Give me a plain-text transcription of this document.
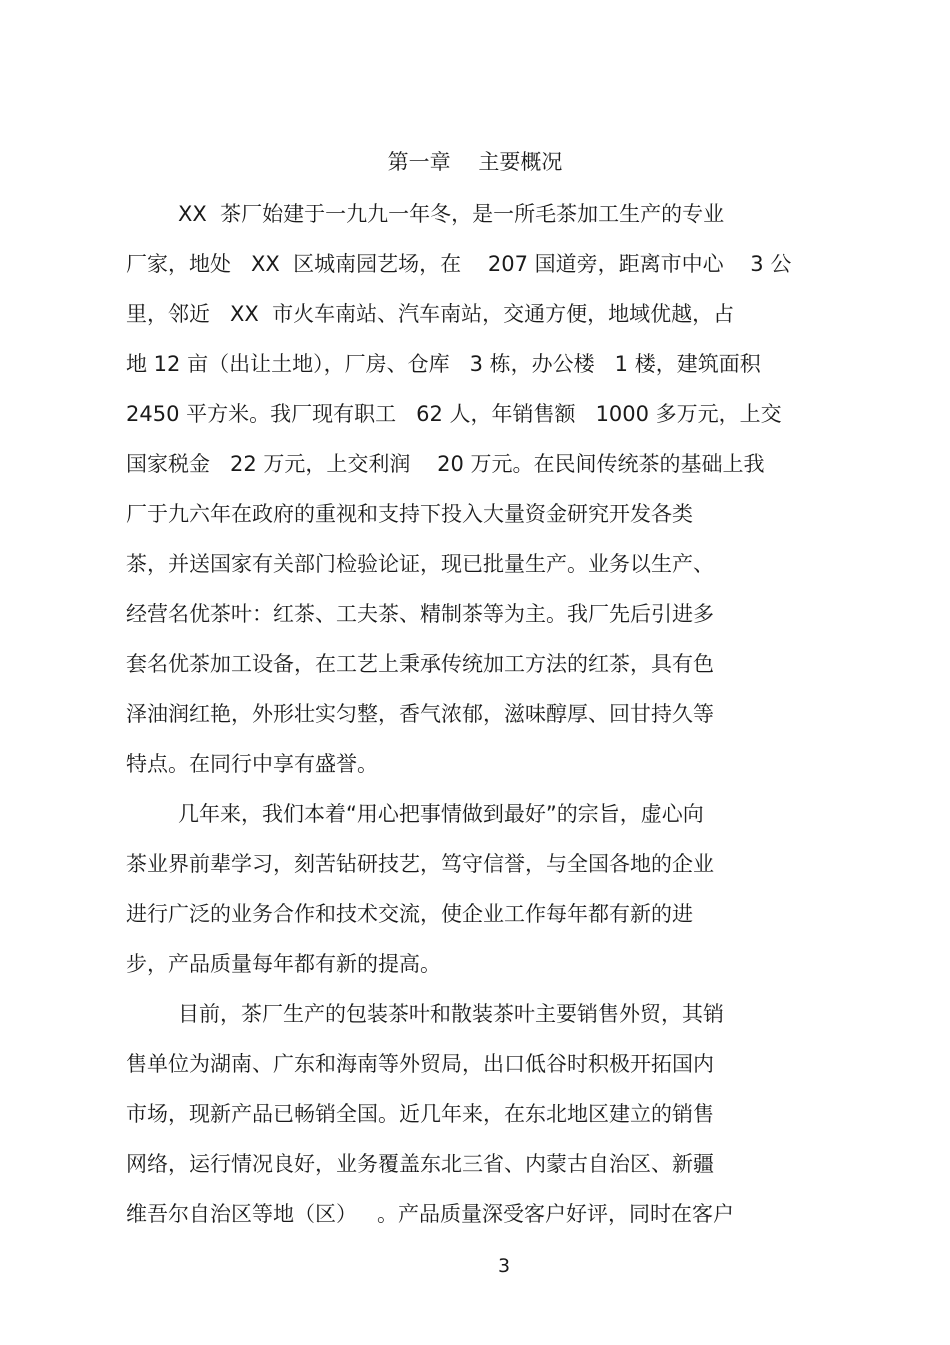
第一章　 主要概况

XX  茶厂始建于一九九一年冬，是一所毛茶加工生产的专业

厂家，地处   XX  区城南园艺场，在    207 国道旁，距离市中心    3 公

里，邻近   XX  市火车南站、汽车南站，交通方便，地域优越，占

地 12 亩（出让土地），厂房、仓库   3 栋，办公楼   1 楼，建筑面积

2450 平方米。我厂现有职工   62 人，年销售额   1000 多万元，上交

国家税金   22 万元，上交利润    20 万元。在民间传统茶的基础上我

厂于九六年在政府的重视和支持下投入大量资金研究开发各类

茶，并送国家有关部门检验论证，现已批量生产。业务以生产、

经营名优茶叶：红茶、工夫茶、精制茶等为主。我厂先后引进多

套名优茶加工设备，在工艺上秉承传统加工方法的红茶，具有色

泽油润红艳，外形壮实匀整，香气浓郁，滋味醇厚、回甘持久等

特点。在同行中享有盛誉。

几年来，我们本着“用心把事情做到最好”的宗旨，虚心向

茶业界前辈学习，刻苦钻研技艺，笃守信誉，与全国各地的企业

进行广泛的业务合作和技术交流，使企业工作每年都有新的进

步，产品质量每年都有新的提高。

目前，茶厂生产的包装茶叶和散装茶叶主要销售外贸，其销

售单位为湖南、广东和海南等外贸局，出口低谷时积极开拓国内

市场，现新产品已畅销全国。近几年来，在东北地区建立的销售

网络，运行情况良好，业务覆盖东北三省、内蒙古自治区、新疆

维吾尔自治区等地（区）   。产品质量深受客户好评，同时在客户

3
